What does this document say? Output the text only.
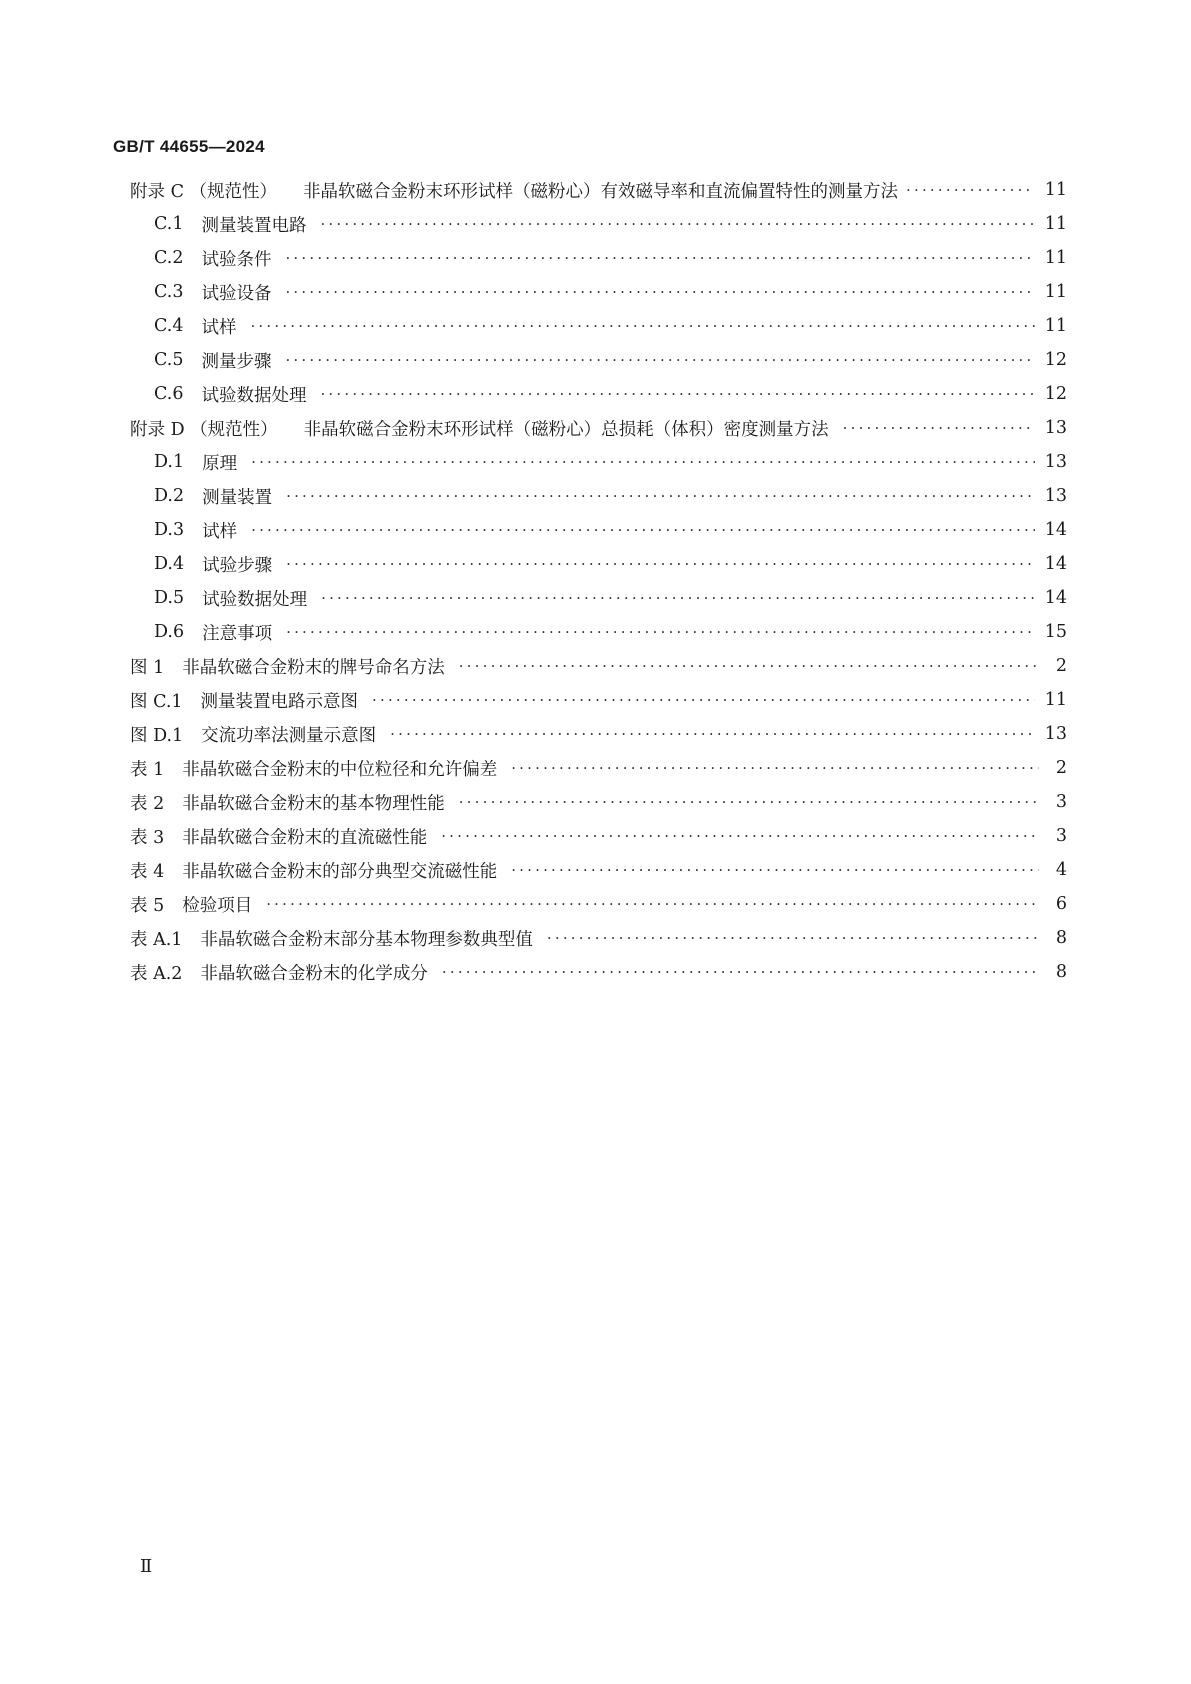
GB/T 44655—2024
附录 C （规范性） 非晶软磁合金粉末环形试样（磁粉心）有效磁导率和直流偏置特性的测量方法 ·····	11
C.1 测量装置电路 ·····	11
C.2 试验条件 ·····	11
C.3 试验设备 ·····	11
C.4 试样 ·····	11
C.5 测量步骤 ·····	12
C.6 试验数据处理 ·····	12
附录 D （规范性） 非晶软磁合金粉末环形试样（磁粉心）总损耗（体积）密度测量方法 ·····	13
D.1 原理 ·····	13
D.2 测量装置 ·····	13
D.3 试样 ·····	14
D.4 试验步骤 ·····	14
D.5 试验数据处理 ·····	14
D.6 注意事项 ·····	15
图 1 非晶软磁合金粉末的牌号命名方法 ·····	2
图 C.1 测量装置电路示意图 ·····	11
图 D.1 交流功率法测量示意图 ·····	13
表 1 非晶软磁合金粉末的中位粒径和允许偏差 ·····	2
表 2 非晶软磁合金粉末的基本物理性能 ·····	3
表 3 非晶软磁合金粉末的直流磁性能 ·····	3
表 4 非晶软磁合金粉末的部分典型交流磁性能 ·····	4
表 5 检验项目 ·····	6
表 A.1 非晶软磁合金粉末部分基本物理参数典型值 ·····	8
表 A.2 非晶软磁合金粉末的化学成分 ·····	8
Ⅱ
